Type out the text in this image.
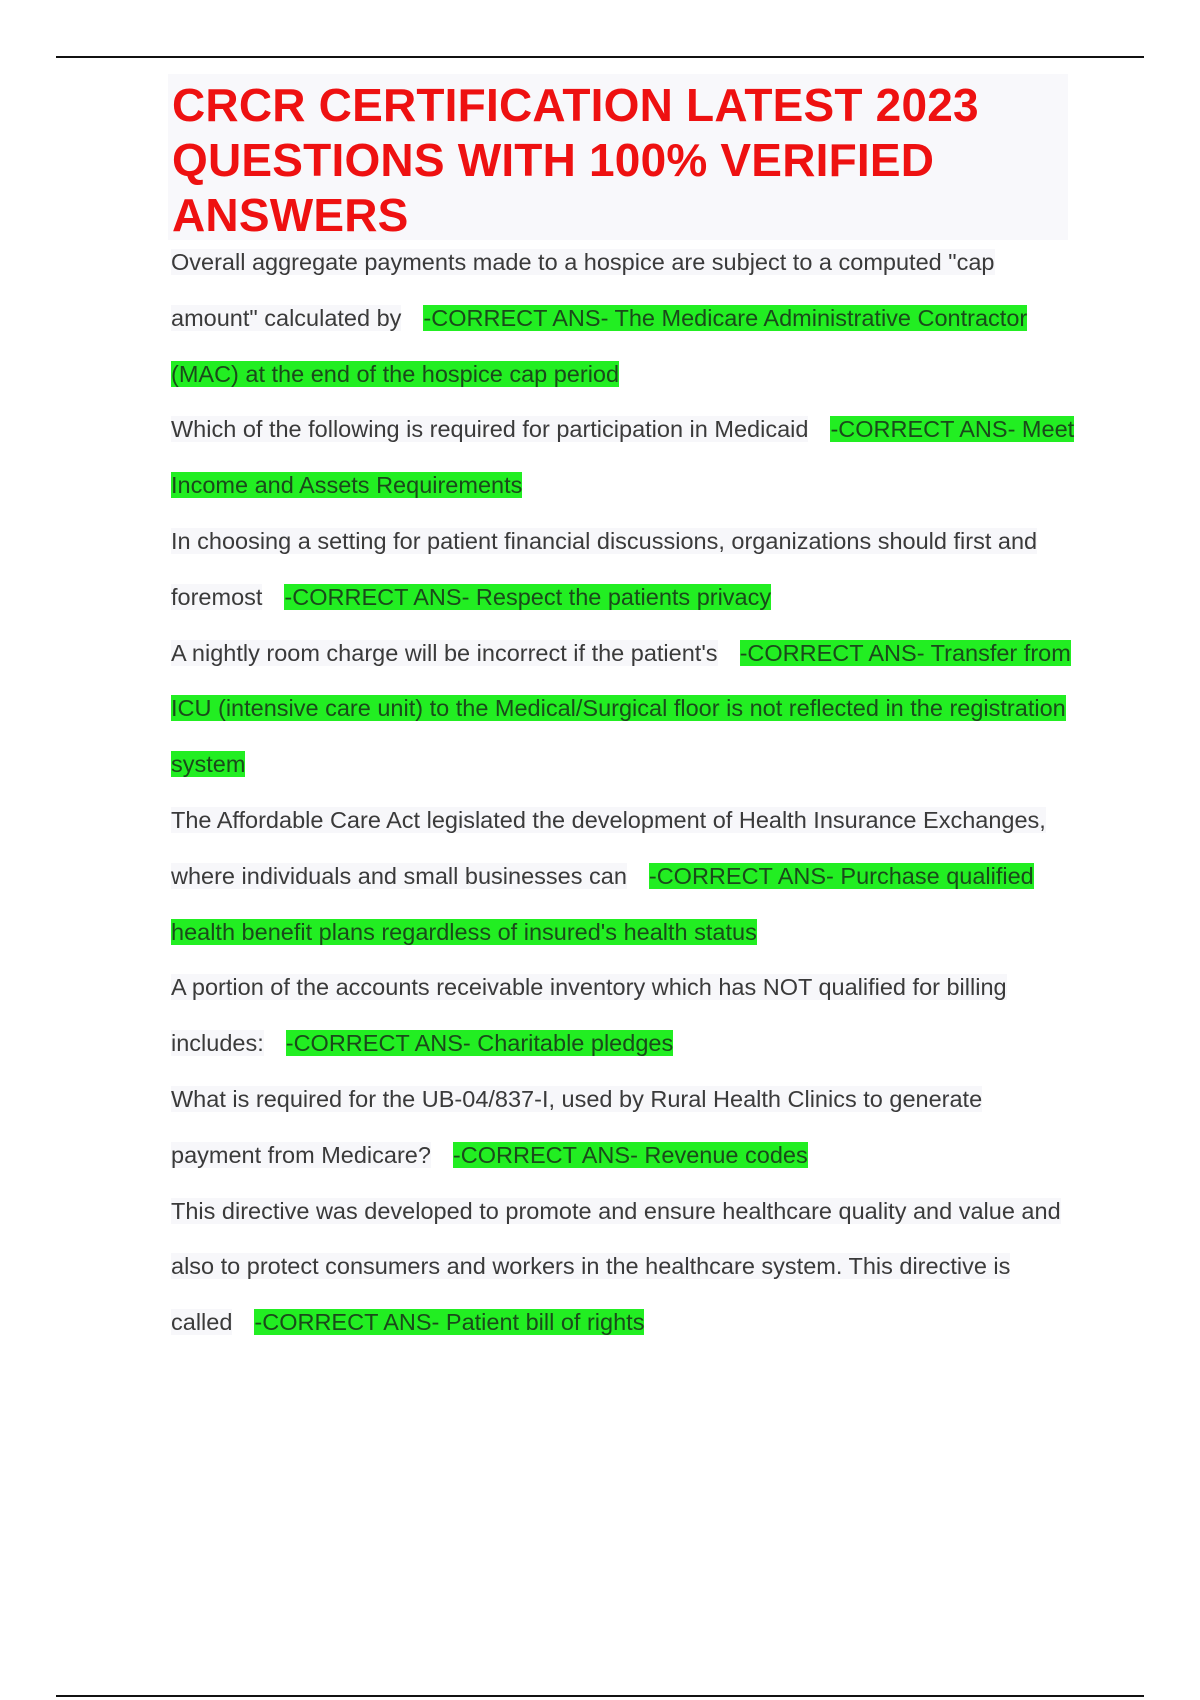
CRCR CERTIFICATION LATEST 2023 QUESTIONS WITH 100% VERIFIED ANSWERS

Overall aggregate payments made to a hospice are subject to a computed "cap amount" calculated by -CORRECT ANS- The Medicare Administrative Contractor (MAC) at the end of the hospice cap period

Which of the following is required for participation in Medicaid -CORRECT ANS- Meet Income and Assets Requirements

In choosing a setting for patient financial discussions, organizations should first and foremost -CORRECT ANS- Respect the patients privacy

A nightly room charge will be incorrect if the patient's -CORRECT ANS- Transfer from ICU (intensive care unit) to the Medical/Surgical floor is not reflected in the registration system

The Affordable Care Act legislated the development of Health Insurance Exchanges, where individuals and small businesses can -CORRECT ANS- Purchase qualified health benefit plans regardless of insured's health status

A portion of the accounts receivable inventory which has NOT qualified for billing includes: -CORRECT ANS- Charitable pledges

What is required for the UB-04/837-I, used by Rural Health Clinics to generate payment from Medicare? -CORRECT ANS- Revenue codes

This directive was developed to promote and ensure healthcare quality and value and also to protect consumers and workers in the healthcare system. This directive is called -CORRECT ANS- Patient bill of rights
